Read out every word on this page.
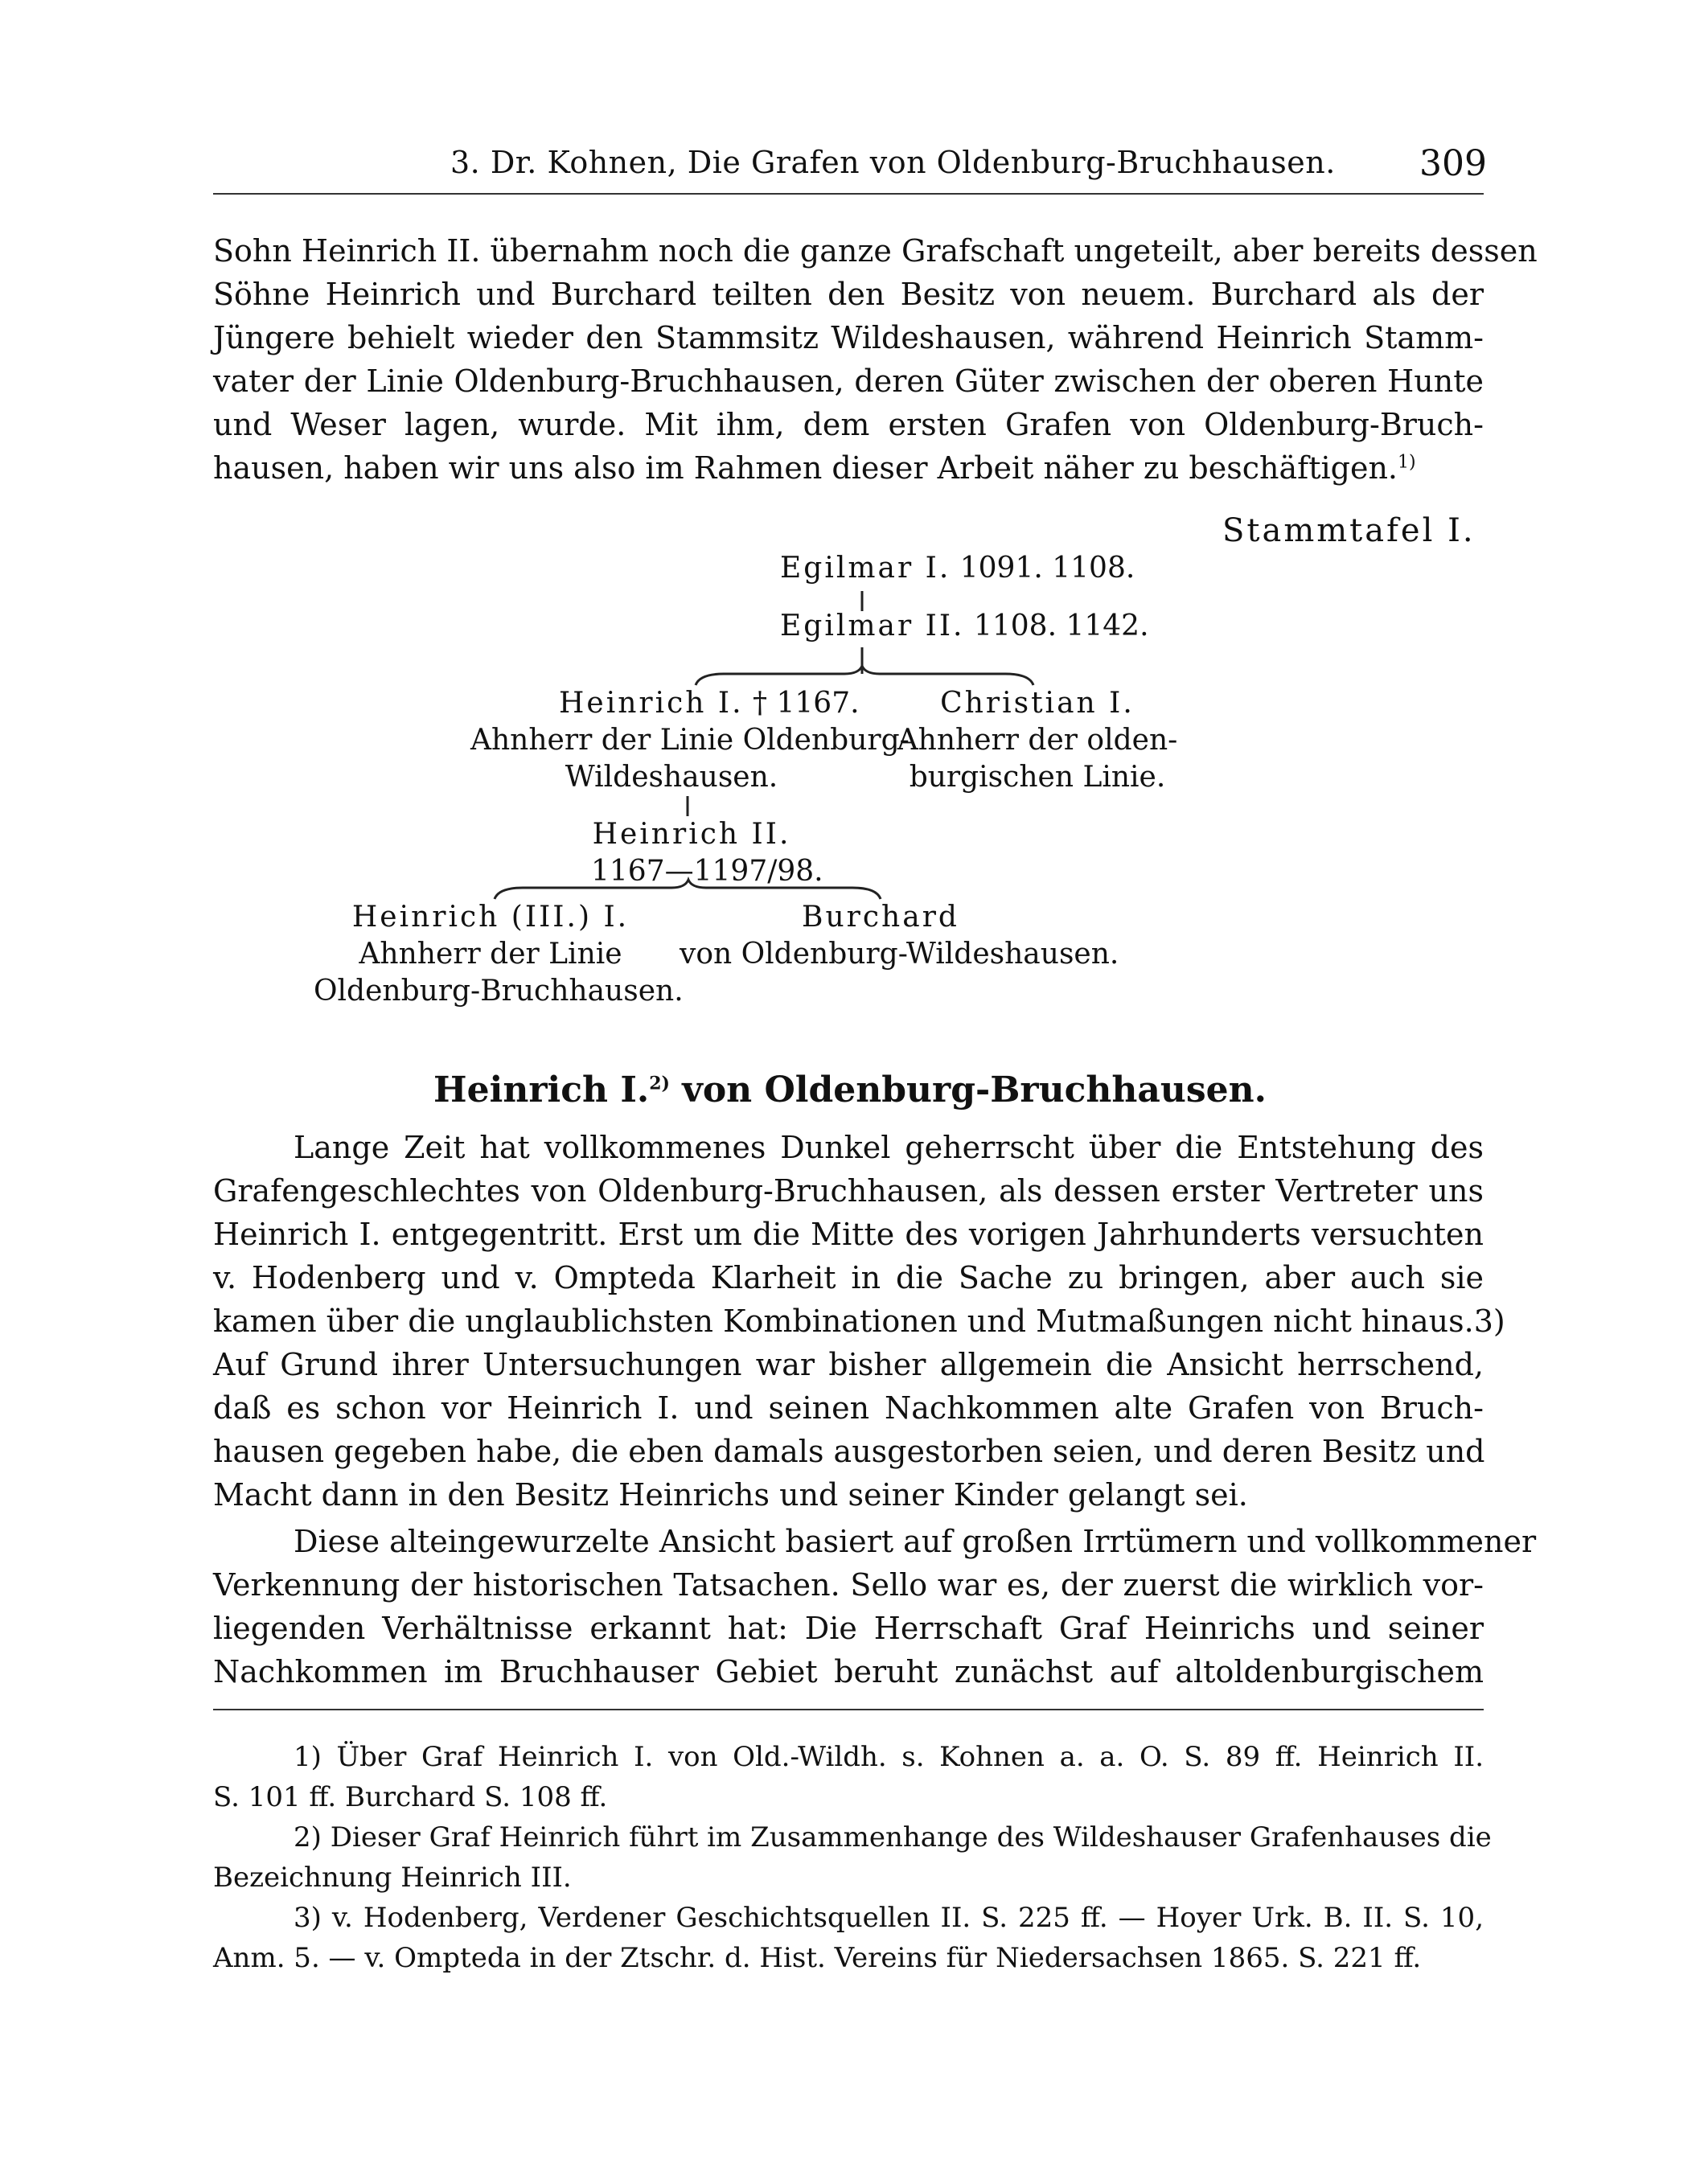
3. Dr. Kohnen, Die Grafen von Oldenburg-Bruchhausen. 309
Sohn Heinrich II. übernahm noch die ganze Grafschaft ungeteilt, aber bereits dessen
Söhne Heinrich und Burchard teilten den Besitz von neuem. Burchard als der
Jüngere behielt wieder den Stammsitz Wildeshausen, während Heinrich Stamm-
vater der Linie Oldenburg-Bruchhausen, deren Güter zwischen der oberen Hunte
und Weser lagen, wurde. Mit ihm, dem ersten Grafen von Oldenburg-Bruch-
hausen, haben wir uns also im Rahmen dieser Arbeit näher zu beschäftigen.$^{1)}$
Stammtafel I.
Egilmar I. 1091. 1108.
Egilmar II. 1108. 1142.
Heinrich I. † 1167.
Ahnherr der Linie Oldenburg-
Wildeshausen.
Christian I.
Ahnherr der olden-
burgischen Linie.
Heinrich II.
1167—1197/98.
Heinrich (III.) I.
Ahnherr der Linie
Oldenburg-Bruchhausen.
Burchard
von Oldenburg-Wildeshausen.
Heinrich I.$^{2)}$ von Oldenburg-Bruchhausen.
Lange Zeit hat vollkommenes Dunkel geherrscht über die Entstehung des
Grafengeschlechtes von Oldenburg-Bruchhausen, als dessen erster Vertreter uns
Heinrich I. entgegentritt. Erst um die Mitte des vorigen Jahrhunderts versuchten
v. Hodenberg und v. Ompteda Klarheit in die Sache zu bringen, aber auch sie
kamen über die unglaublichsten Kombinationen und Mutmaßungen nicht hinaus.3)
Auf Grund ihrer Untersuchungen war bisher allgemein die Ansicht herrschend,
daß es schon vor Heinrich I. und seinen Nachkommen alte Grafen von Bruch-
hausen gegeben habe, die eben damals ausgestorben seien, und deren Besitz und
Macht dann in den Besitz Heinrichs und seiner Kinder gelangt sei.
Diese alteingewurzelte Ansicht basiert auf großen Irrtümern und vollkommener
Verkennung der historischen Tatsachen. Sello war es, der zuerst die wirklich vor-
liegenden Verhältnisse erkannt hat: Die Herrschaft Graf Heinrichs und seiner
Nachkommen im Bruchhauser Gebiet beruht zunächst auf altoldenburgischem
1) Über Graf Heinrich I. von Old.-Wildh. s. Kohnen a. a. O. S. 89 ff. Heinrich II.
S. 101 ff. Burchard S. 108 ff.
2) Dieser Graf Heinrich führt im Zusammenhange des Wildeshauser Grafenhauses die
Bezeichnung Heinrich III.
3) v. Hodenberg, Verdener Geschichtsquellen II. S. 225 ff. — Hoyer Urk. B. II. S. 10,
Anm. 5. — v. Ompteda in der Ztschr. d. Hist. Vereins für Niedersachsen 1865. S. 221 ff.
